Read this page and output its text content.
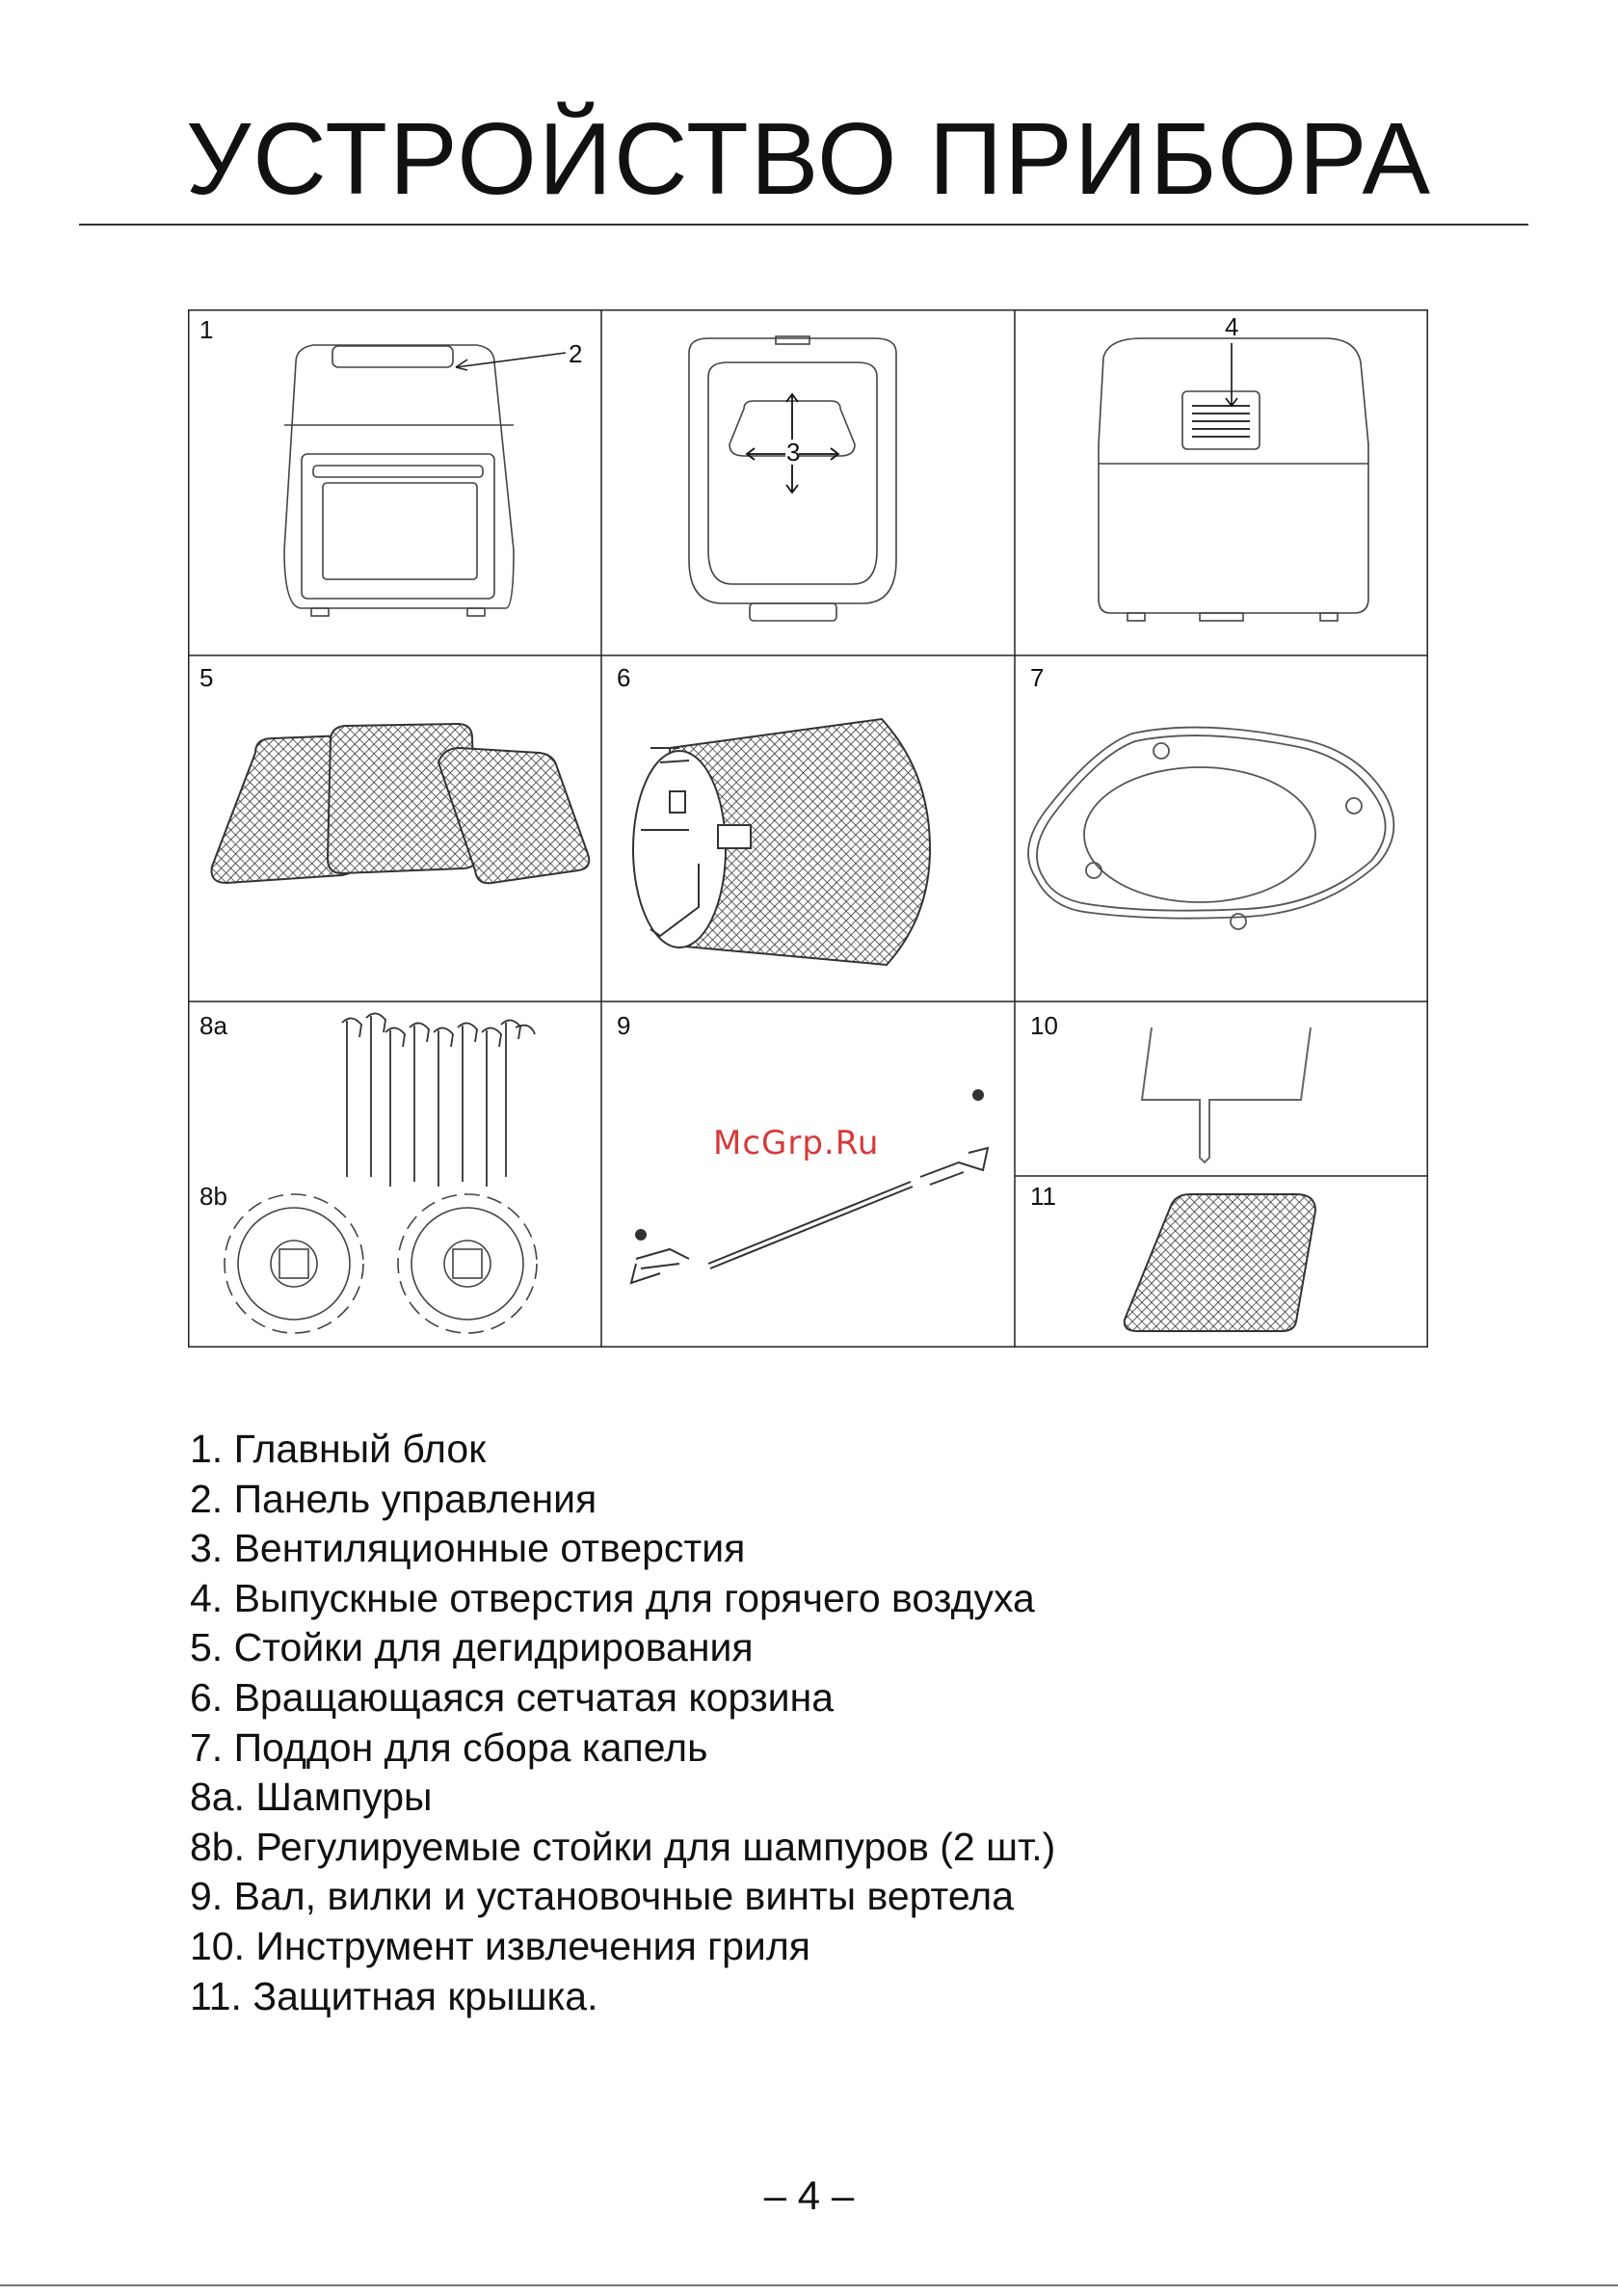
УСТРОЙСТВО ПРИБОРА
1
2
3
4
5	6	7
8a
8b
9	10
11
McGrp.Ru
1. Главный блок
2. Панель управления
3. Вентиляционные отверстия
4. Выпускные отверстия для горячего воздуха
5. Стойки для дегидрирования
6. Вращающаяся сетчатая корзина
7. Поддон для сбора капель
8a. Шампуры
8b. Регулируемые стойки для шампуров (2 шт.)
9. Вал, вилки и установочные винты вертела
10. Инструмент извлечения гриля
11. Защитная крышка.
– 4 –
